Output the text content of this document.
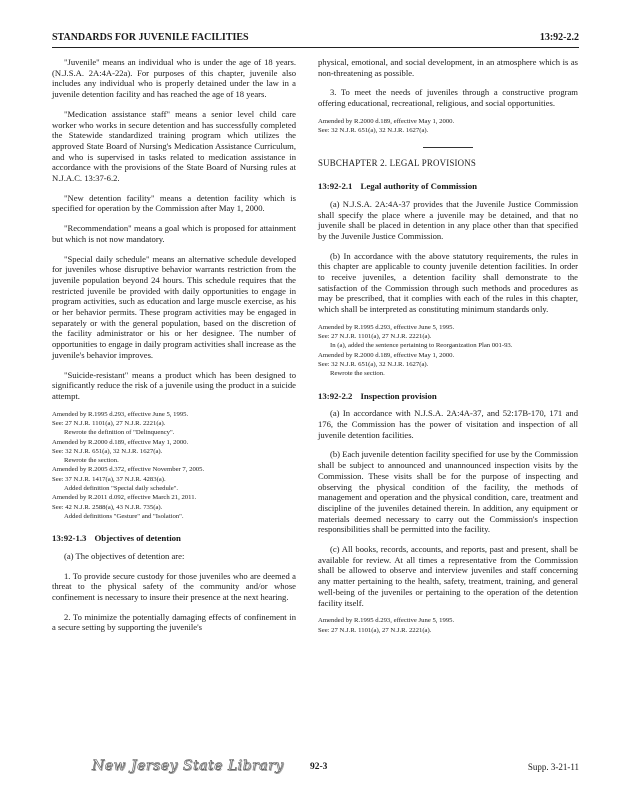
STANDARDS FOR JUVENILE FACILITIES	13:92-2.2

"Juvenile" means an individual who is under the age of 18 years. (N.J.S.A. 2A:4A-22a). For purposes of this chapter, juvenile also includes any individual who is properly detained under the law in a juvenile detention facility and has reached the age of 18 years.

"Medication assistance staff" means a senior level child care worker who works in secure detention and has successfully completed the Statewide standardized training program which utilizes the approved State Board of Nursing's Medication Assistance Curriculum, and who is supervised in tasks related to medication assistance in accordance with the provisions of the State Board of Nursing rules at N.J.A.C. 13:37-6.2.

"New detention facility" means a detention facility which is specified for operation by the Commission after May 1, 2000.

"Recommendation" means a goal which is proposed for attainment but which is not now mandatory.

"Special daily schedule" means an alternative schedule developed for juveniles whose disruptive behavior warrants restriction from the juvenile population beyond 24 hours. This schedule requires that the restricted juvenile be provided with daily opportunities to engage in program activities, such as education and large muscle exercise, as his or her behavior permits. These program activities may be engaged in separately or with the general population, based on the discretion of the facility administrator or his or her designee. The number of opportunities to engage in daily program activities shall increase as the juvenile's behavior improves.

"Suicide-resistant" means a product which has been designed to significantly reduce the risk of a juvenile using the product in a suicide attempt.

Amended by R.1995 d.293, effective June 5, 1995.
See: 27 N.J.R. 1101(a), 27 N.J.R. 2221(a).
Rewrote the definition of "Delinquency".
Amended by R.2000 d.189, effective May 1, 2000.
See: 32 N.J.R. 651(a), 32 N.J.R. 1627(a).
Rewrote the section.
Amended by R.2005 d.372, effective November 7, 2005.
See: 37 N.J.R. 1417(a), 37 N.J.R. 4283(a).
Added definition "Special daily schedule".
Amended by R.2011 d.092, effective March 21, 2011.
See: 42 N.J.R. 2588(a), 43 N.J.R. 735(a).
Added definitions "Gesture" and "Isolation".
13:92-1.3 Objectives of detention

(a) The objectives of detention are:

1. To provide secure custody for those juveniles who are deemed a threat to the physical safety of the community and/or whose confinement is necessary to insure their presence at the next hearing.

2. To minimize the potentially damaging effects of confinement in a secure setting by supporting the juvenile's

physical, emotional, and social development, in an atmosphere which is as non-threatening as possible.

3. To meet the needs of juveniles through a constructive program offering educational, recreational, religious, and social opportunities.

Amended by R.2000 d.189, effective May 1, 2000.
See: 32 N.J.R. 651(a), 32 N.J.R. 1627(a).
SUBCHAPTER 2. LEGAL PROVISIONS
13:92-2.1 Legal authority of Commission

(a) N.J.S.A. 2A:4A-37 provides that the Juvenile Justice Commission shall specify the place where a juvenile may be detained, and that no juvenile shall be placed in detention in any place other than that specified by the Juvenile Justice Commission.

(b) In accordance with the above statutory requirements, the rules in this chapter are applicable to county juvenile detention facilities. In order to receive juveniles, a detention facility shall demonstrate to the satisfaction of the Commission through such methods and procedures as may be prescribed, that it complies with each of the rules in this chapter, which shall be interpreted as constituting minimum standards only.

Amended by R.1995 d.293, effective June 5, 1995.
See: 27 N.J.R. 1101(a), 27 N.J.R. 2221(a).
In (a), added the sentence pertaining to Reorganization Plan 001-93.
Amended by R.2000 d.189, effective May 1, 2000.
See: 32 N.J.R. 651(a), 32 N.J.R. 1627(a).
Rewrote the section.
13:92-2.2 Inspection provision

(a) In accordance with N.J.S.A. 2A:4A-37, and 52:17B-170, 171 and 176, the Commission has the power of visitation and inspection of all juvenile detention facilities.

(b) Each juvenile detention facility specified for use by the Commission shall be subject to announced and unannounced inspection visits by the Commission. These visits shall be for the purpose of inspecting and observing the physical condition of the facility, the methods of management and operation and the physical condition, care, treatment and discipline of the juveniles detained therein. In addition, any equipment or materials deemed necessary to carry out the Commission's inspection responsibilities shall be permitted into the facility.

(c) All books, records, accounts, and reports, past and present, shall be available for review. At all times a representative from the Commission shall be allowed to observe and interview juveniles and staff concerning any matter pertaining to the health, safety, treatment, training, and general well-being of the juveniles or pertaining to the operation of the detention facility itself.

Amended by R.1995 d.293, effective June 5, 1995.
See: 27 N.J.R. 1101(a), 27 N.J.R. 2221(a).
New Jersey State Library	92-3	Supp. 3-21-11
